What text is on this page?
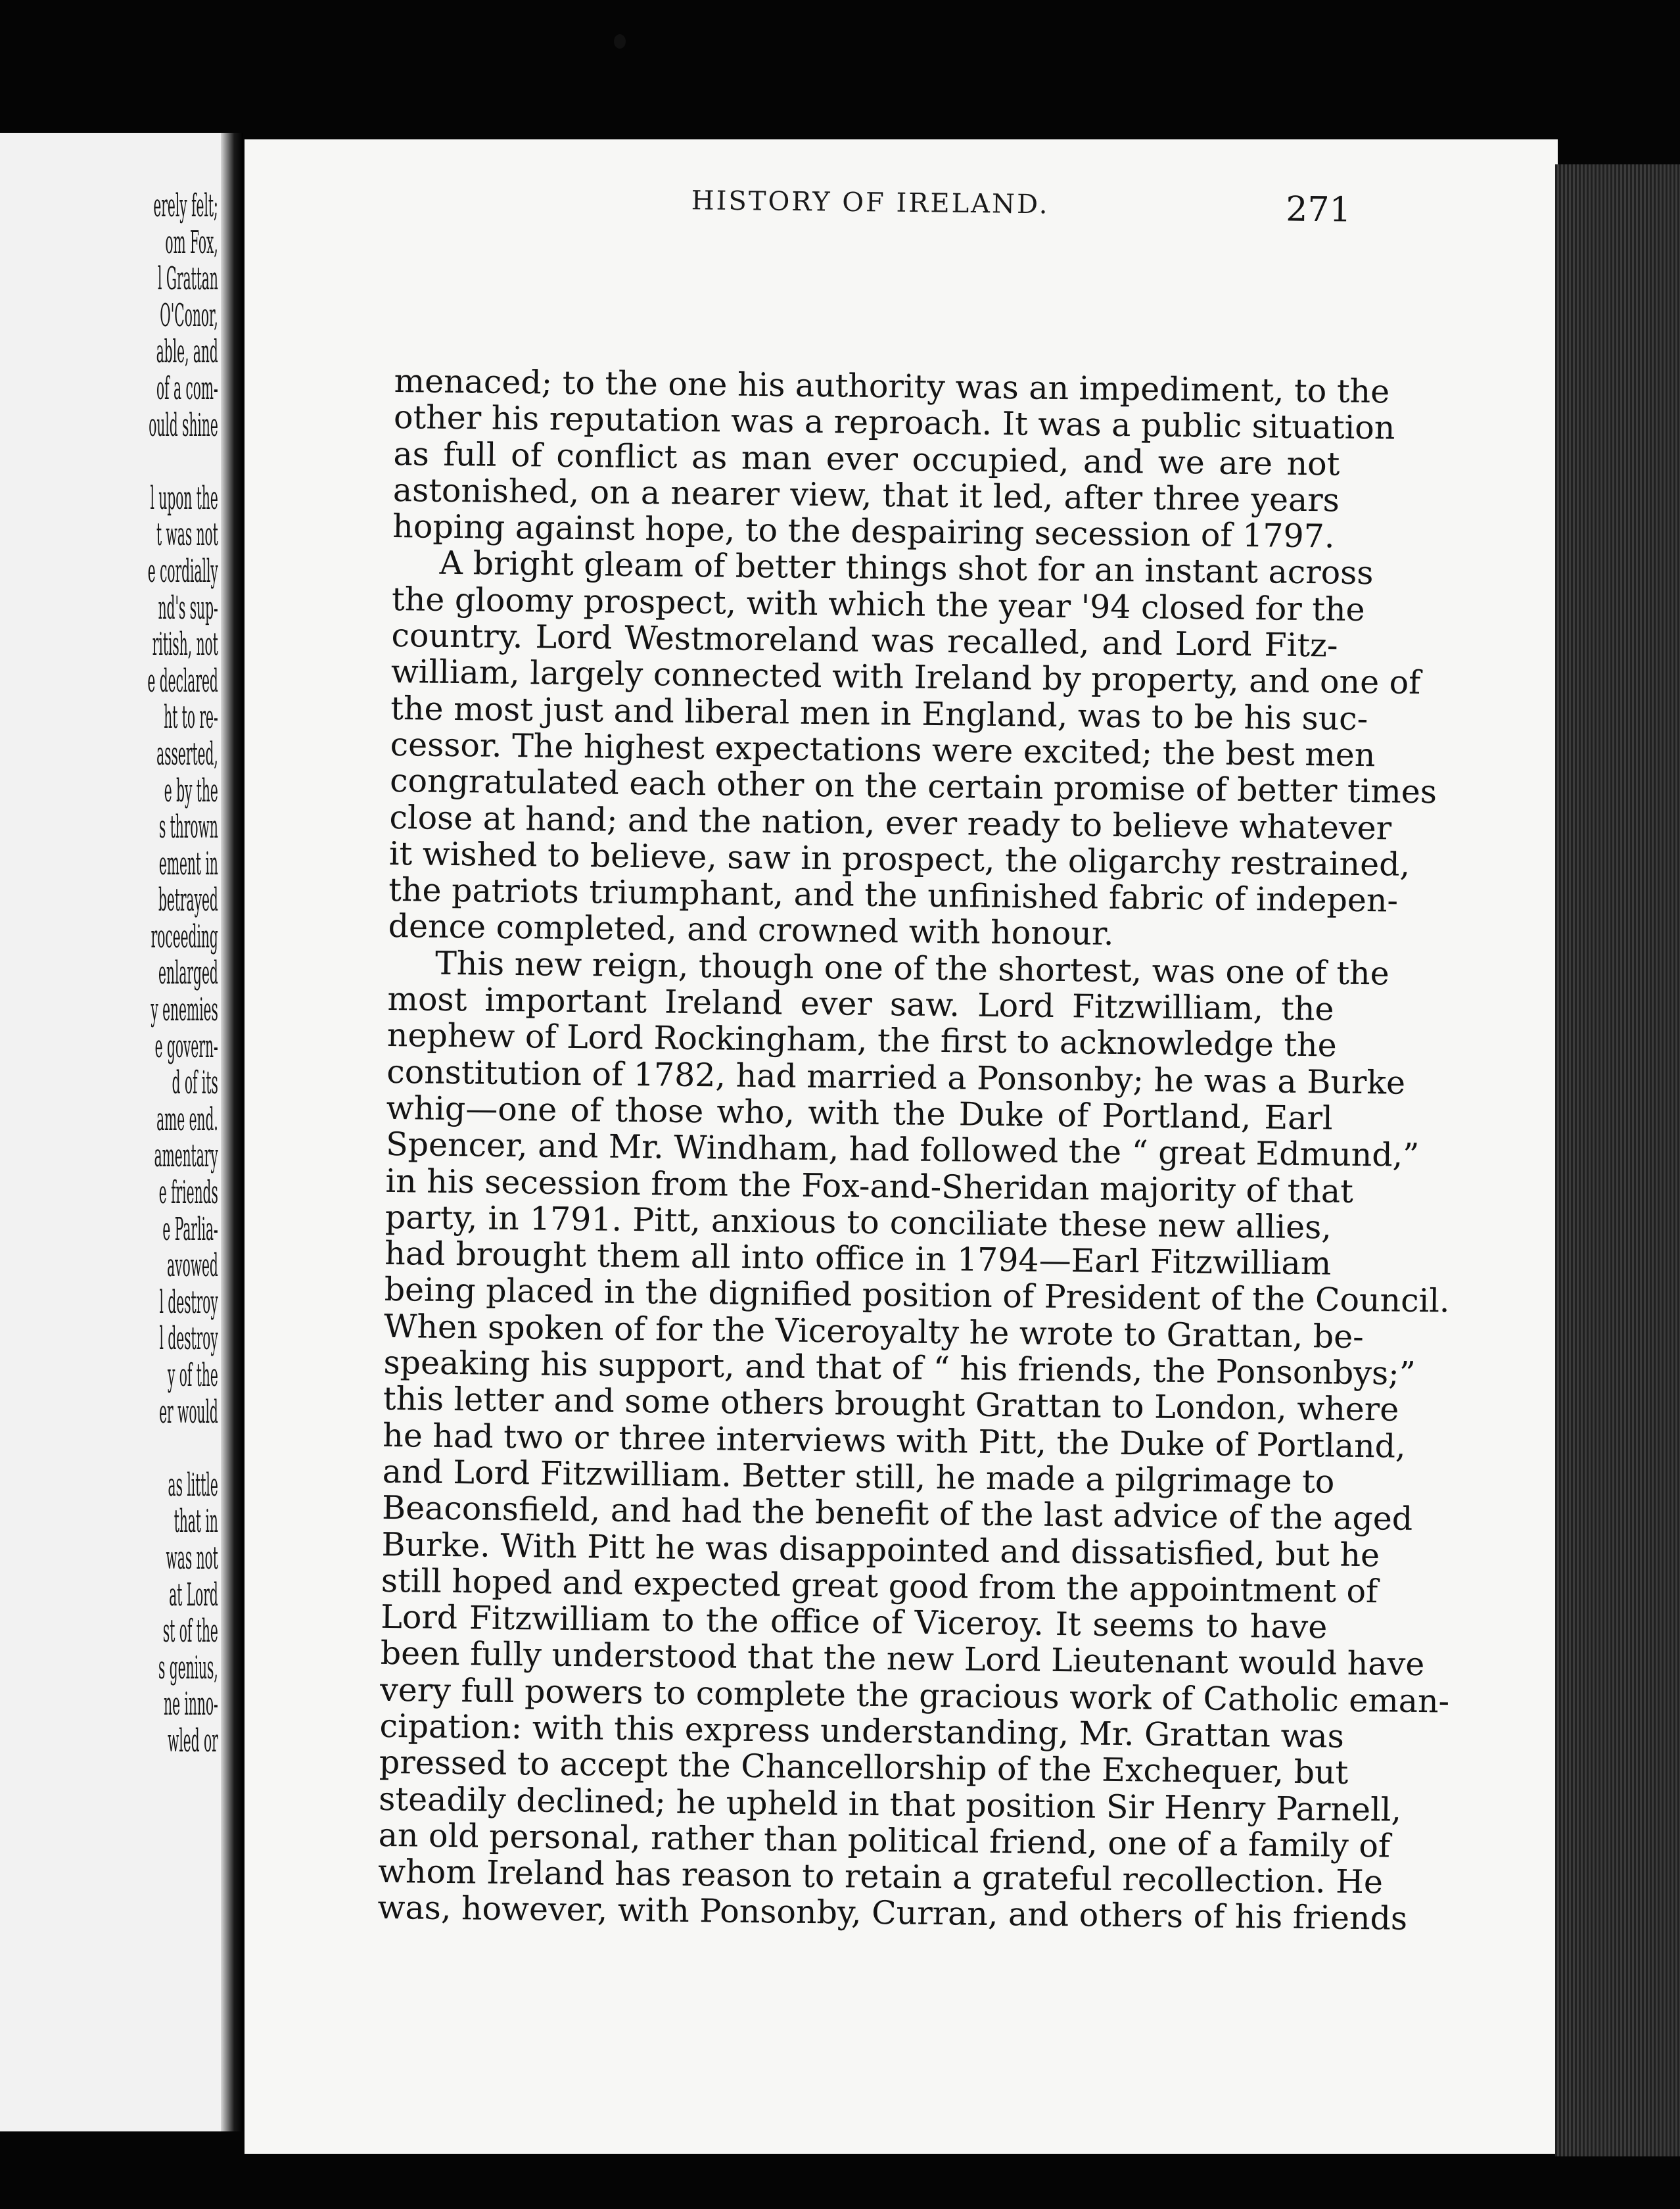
erely felt;
om Fox,
l Grattan
O'Conor,
able, and
of a com-
ould shine
l upon the
t was not
e cordially
nd's sup-
ritish, not
e declared
ht to re-
asserted,
e by the
s thrown
ement in
betrayed
roceeding
enlarged
y enemies
e govern-
d of its
ame end.
amentary
e friends
e Parlia-
avowed
l destroy
l destroy
y of the
er would
as little
that in
was not
at Lord
st of the
s genius,
ne inno-
wled or
HISTORY OF IRELAND.	271
menaced; to the one his authority was an impediment, to the
other his reputation was a reproach. It was a public situation
as full of conflict as man ever occupied, and we are not
astonished, on a nearer view, that it led, after three years
hoping against hope, to the despairing secession of 1797.
A bright gleam of better things shot for an instant across
the gloomy prospect, with which the year '94 closed for the
country. Lord Westmoreland was recalled, and Lord Fitz-
william, largely connected with Ireland by property, and one of
the most just and liberal men in England, was to be his suc-
cessor. The highest expectations were excited; the best men
congratulated each other on the certain promise of better times
close at hand; and the nation, ever ready to believe whatever
it wished to believe, saw in prospect, the oligarchy restrained,
the patriots triumphant, and the unfinished fabric of indepen-
dence completed, and crowned with honour.
This new reign, though one of the shortest, was one of the
most important Ireland ever saw. Lord Fitzwilliam, the
nephew of Lord Rockingham, the first to acknowledge the
constitution of 1782, had married a Ponsonby; he was a Burke
whig—one of those who, with the Duke of Portland, Earl
Spencer, and Mr. Windham, had followed the “ great Edmund,”
in his secession from the Fox-and-Sheridan majority of that
party, in 1791. Pitt, anxious to conciliate these new allies,
had brought them all into office in 1794—Earl Fitzwilliam
being placed in the dignified position of President of the Council.
When spoken of for the Viceroyalty he wrote to Grattan, be-
speaking his support, and that of “ his friends, the Ponsonbys;”
this letter and some others brought Grattan to London, where
he had two or three interviews with Pitt, the Duke of Portland,
and Lord Fitzwilliam. Better still, he made a pilgrimage to
Beaconsfield, and had the benefit of the last advice of the aged
Burke. With Pitt he was disappointed and dissatisfied, but he
still hoped and expected great good from the appointment of
Lord Fitzwilliam to the office of Viceroy. It seems to have
been fully understood that the new Lord Lieutenant would have
very full powers to complete the gracious work of Catholic eman-
cipation: with this express understanding, Mr. Grattan was
pressed to accept the Chancellorship of the Exchequer, but
steadily declined; he upheld in that position Sir Henry Parnell,
an old personal, rather than political friend, one of a family of
whom Ireland has reason to retain a grateful recollection. He
was, however, with Ponsonby, Curran, and others of his friends
